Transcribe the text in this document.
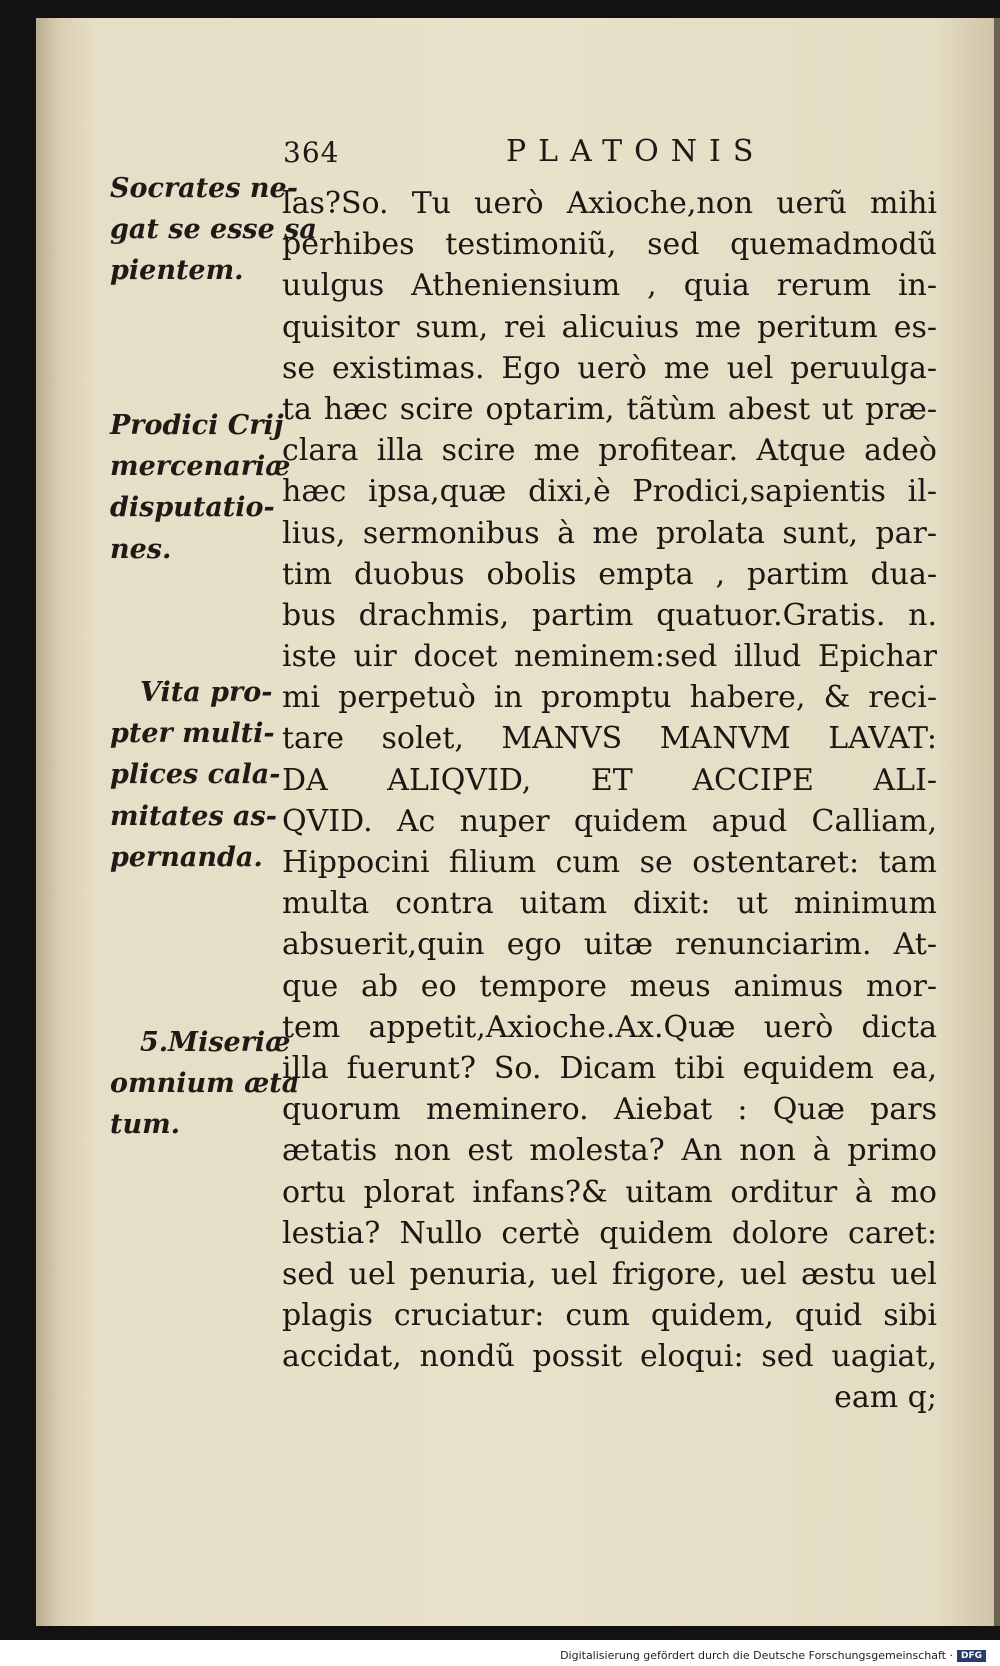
364	PLATONIS
Socrates ne-
gat se esse sa
pientem.
Prodici Crij
mercenariæ
disputatio-
nes.
Vita pro-
pter multi-
plices cala-
mitates as-
pernanda.
5.Miseriæ
omnium æta
tum.
las?So. Tu uerò Axioche,non uerũ mihi
perhibes testimoniũ, sed quemadmodũ
uulgus Atheniensium , quia rerum in-
quisitor sum, rei alicuius me peritum es-
se existimas. Ego uerò me uel peruulga-
ta hæc scire optarim, tãtùm abest ut præ-
clara illa scire me profitear. Atque adeò
hæc ipsa,quæ dixi,è Prodici,sapientis il-
lius, sermonibus à me prolata sunt, par-
tim duobus obolis empta , partim dua-
bus drachmis, partim quatuor.Gratis. n.
iste uir docet neminem:sed illud Epichar
mi perpetuò in promptu habere, & reci-
tare solet, MANVS MANVM LAVAT:
DA ALIQVID, ET ACCIPE ALI-
QVID. Ac nuper quidem apud Calliam,
Hippocini filium cum se ostentaret: tam
multa contra uitam dixit: ut minimum
absuerit,quin ego uitæ renunciarim. At-
que ab eo tempore meus animus mor-
tem appetit,Axioche.Ax.Quæ uerò dicta
illa fuerunt? So. Dicam tibi equidem ea,
quorum meminero. Aiebat : Quæ pars
ætatis non est molesta? An non à primo
ortu plorat infans?& uitam orditur à mo
lestia? Nullo certè quidem dolore caret:
sed uel penuria, uel frigore, uel æstu uel
plagis cruciatur: cum quidem, quid sibi
accidat, nondũ possit eloqui: sed uagiat,
eam q;
Digitalisierung gefördert durch die Deutsche Forschungsgemeinschaft · DFG
